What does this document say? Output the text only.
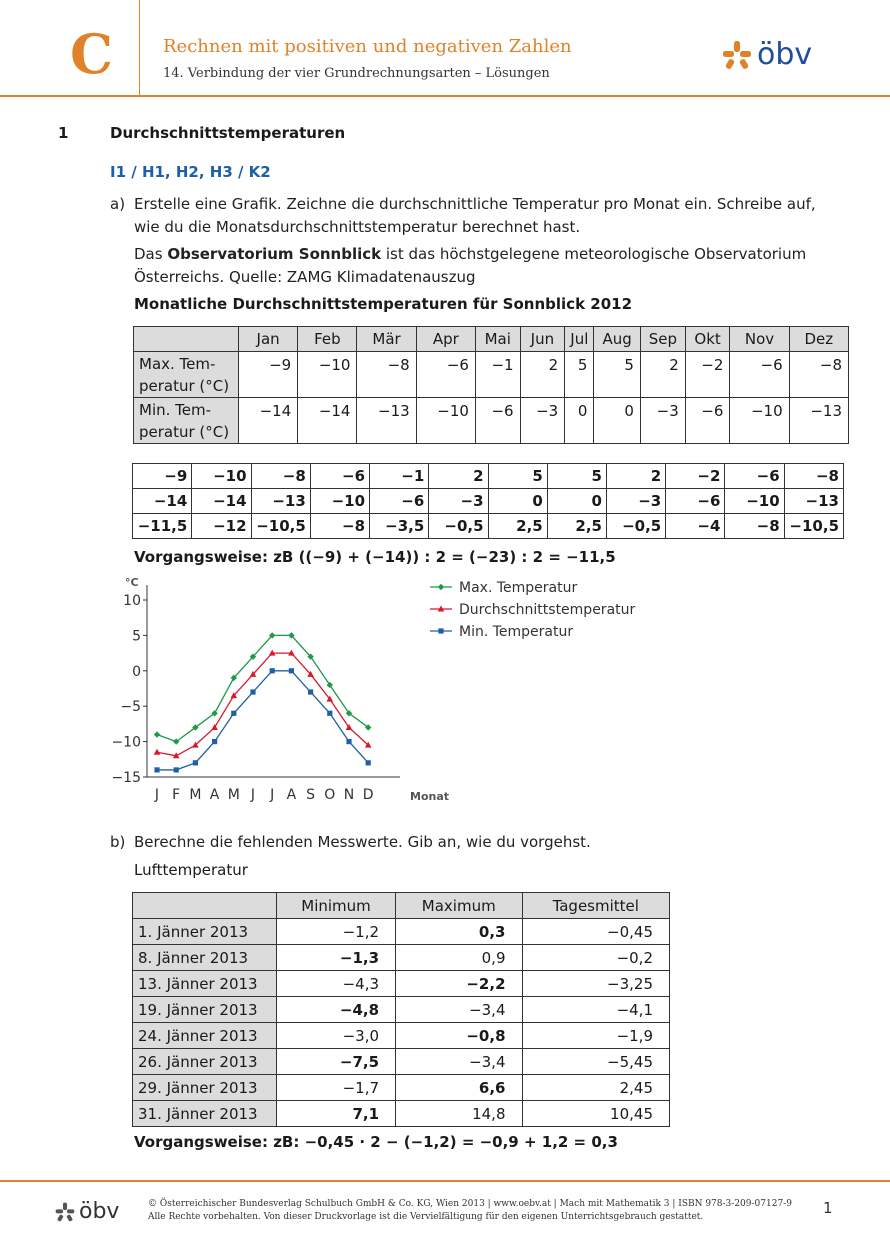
C	Rechnen mit positiven und negativen Zahlen
14. Verbindung der vier Grundrechnungsarten – Lösungen
öbv
1	Durchschnittstemperaturen
I1 / H1, H2, H3 / K2
a) Erstelle eine Grafik. Zeichne die durchschnittliche Temperatur pro Monat ein. Schreibe auf, wie du die Monatsdurchschnittstemperatur berechnet hast.
Das Observatorium Sonnblick ist das höchstgelegene meteorologische Observatorium Österreichs. Quelle: ZAMG Klimadatenauszug
Monatliche Durchschnittstemperaturen für Sonnblick 2012
	Jan	Feb	Mär	Apr	Mai	Jun	Jul	Aug	Sep	Okt	Nov	Dez

Max. Tem-
peratur (°C)	−9	−10	−8	−6	−1	2	5	5	2	−2	−6	−8

Min. Tem-
peratur (°C)	−14	−14	−13	−10	−6	−3	0	0	−3	−6	−10	−13
−9	−10	−8	−6	−1	2	5	5	2	−2	−6	−8
−14	−14	−13	−10	−6	−3	0	0	−3	−6	−10	−13
−11,5	−12	−10,5	−8	−3,5	−0,5	2,5	2,5	−0,5	−4	−8	−10,5
Vorgangsweise: zB ((−9) + (−14)) : 2 = (−23) : 2 = −11,5
°C
10
5
0
−5
−10
−15
J F M A M J J A S O N D	Monat
Max. Temperatur
Durchschnittstemperatur
Min. Temperatur
b) Berechne die fehlenden Messwerte. Gib an, wie du vorgehst.
Lufttemperatur
	Minimum	Maximum	Tagesmittel
1. Jänner 2013	−1,2	0,3	−0,45
8. Jänner 2013	−1,3	0,9	−0,2
13. Jänner 2013	−4,3	−2,2	−3,25
19. Jänner 2013	−4,8	−3,4	−4,1
24. Jänner 2013	−3,0	−0,8	−1,9
26. Jänner 2013	−7,5	−3,4	−5,45
29. Jänner 2013	−1,7	6,6	2,45
31. Jänner 2013	7,1	14,8	10,45
Vorgangsweise: zB: −0,45 · 2 − (−1,2) = −0,9 + 1,2 = 0,3
öbv	© Österreichischer Bundesverlag Schulbuch GmbH & Co. KG, Wien 2013 | www.oebv.at | Mach mit Mathematik 3 | ISBN 978-3-209-07127-9
Alle Rechte vorbehalten. Von dieser Druckvorlage ist die Vervielfältigung für den eigenen Unterrichtsgebrauch gestattet.	1
